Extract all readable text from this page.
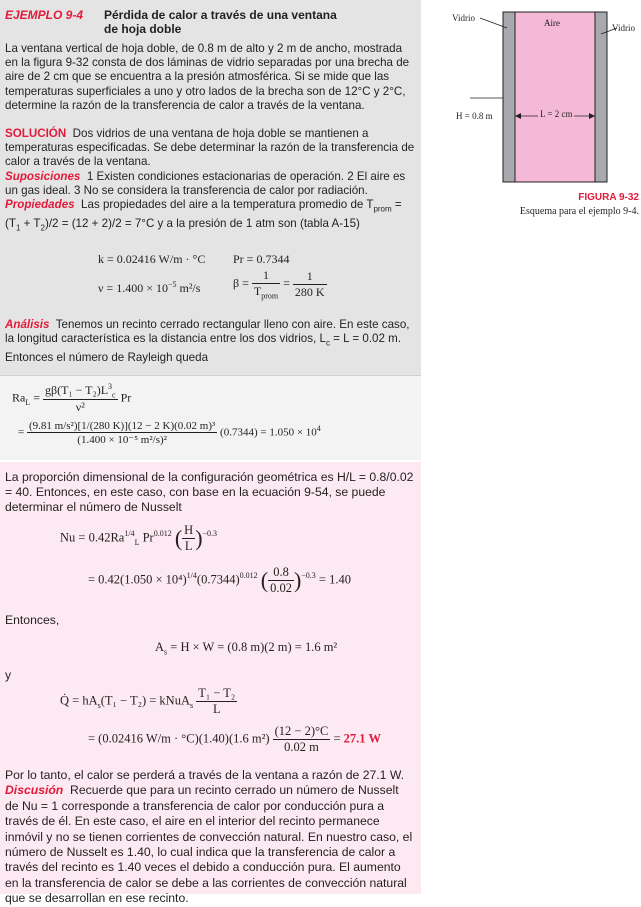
EJEMPLO 9-4 Pérdida de calor a través de una ventana de hoja doble

La ventana vertical de hoja doble, de 0.8 m de alto y 2 m de ancho, mostrada en la figura 9-32 consta de dos láminas de vidrio separadas por una brecha de aire de 2 cm que se encuentra a la presión atmosférica. Si se mide que las temperaturas superficiales a uno y otro lados de la brecha son de 12°C y 2°C, determine la razón de la transferencia de calor a través de la ventana.

SOLUCIÓN Dos vidrios de una ventana de hoja doble se mantienen a temperaturas especificadas. Se debe determinar la razón de la transferencia de calor a través de la ventana.

Suposiciones 1 Existen condiciones estacionarias de operación. 2 El aire es un gas ideal. 3 No se considera la transferencia de calor por radiación.

Propiedades Las propiedades del aire a la temperatura promedio de $T_{prom} = (T_1 + T_2)/2 = (12 + 2)/2 = 7^\circ C$ y a la presión de 1 atm son (tabla A-15)

k = 0.02416 W/m · °C Pr = 0.7344
$\nu = 1.400 \times 10^{-5}$ m²/s	$\beta = \frac{1}{T_{prom}} = \frac{1}{280 K}$

Análisis Tenemos un recinto cerrado rectangular lleno con aire. En este caso, la longitud característica es la distancia entre los dos vidrios, $L_c = L = 0.02$ m. Entonces el número de Rayleigh queda

$Ra_L = \frac{g\beta(T_1 - T_2)L^3_c}{\text{ν²}}$ Pr
= $\frac{\text{(9.81 m/s²)[1/(280 K)](12 − 2 K)(0.02 m)³}}{\text{(1.400 × 10⁻⁵ m²/s)²}} (0.7344) = 1.050 \times 10^4$
La proporción dimensional de la configuración geométrica es H/L = 0.8/0.02 = 40. Entonces, en este caso, con base en la ecuación 9-54, se puede determinar el número de Nusselt
$Nu = 0.42Ra^{1/4}_L$ $Pr^{0.012}$ ( $\frac{H}{L} )^{-0.3}$
= $0.42(1.050 \times 10^4)^{1/4}(0.7344)^{0.012}$ ( $\frac{0.8}{0.02} )^{-0.3} = 1.40$
Entonces,
$A_s = H \times W = (0.8$ m)(2 m) = 1.6 m²
y
Q̇ = $hA_s(T_1 - T_2)$ = kNuA$_s$ $\frac{\text{T₁ − T₂}}{L}$
= (0.02416 W/m · °C)(1.40)(1.6 $m^2) \frac{(12 - 2)^\circ C}{0.02 m} = 27.1$ W

Por lo tanto, el calor se perderá a través de la ventana a razón de 27.1 W.

Discusión Recuerde que para un recinto cerrado un número de Nusselt de Nu = 1 corresponde a transferencia de calor por conducción pura a través de él. En este caso, el aire en el interior del recinto permanece inmóvil y no se tienen corrientes de convección natural. En nuestro caso, el número de Nusselt es 1.40, lo cual indica que la transferencia de calor a través del recinto es 1.40 veces el debido a conducción pura. El aumento en la transferencia de calor se debe a las corrientes de convección natural que se desarrollan en ese recinto.

Vidrio
Vidrio
Aire
H = 0.8 m	L = 2 cm
FIGURA 9-32
Esquema para el ejemplo 9-4.
